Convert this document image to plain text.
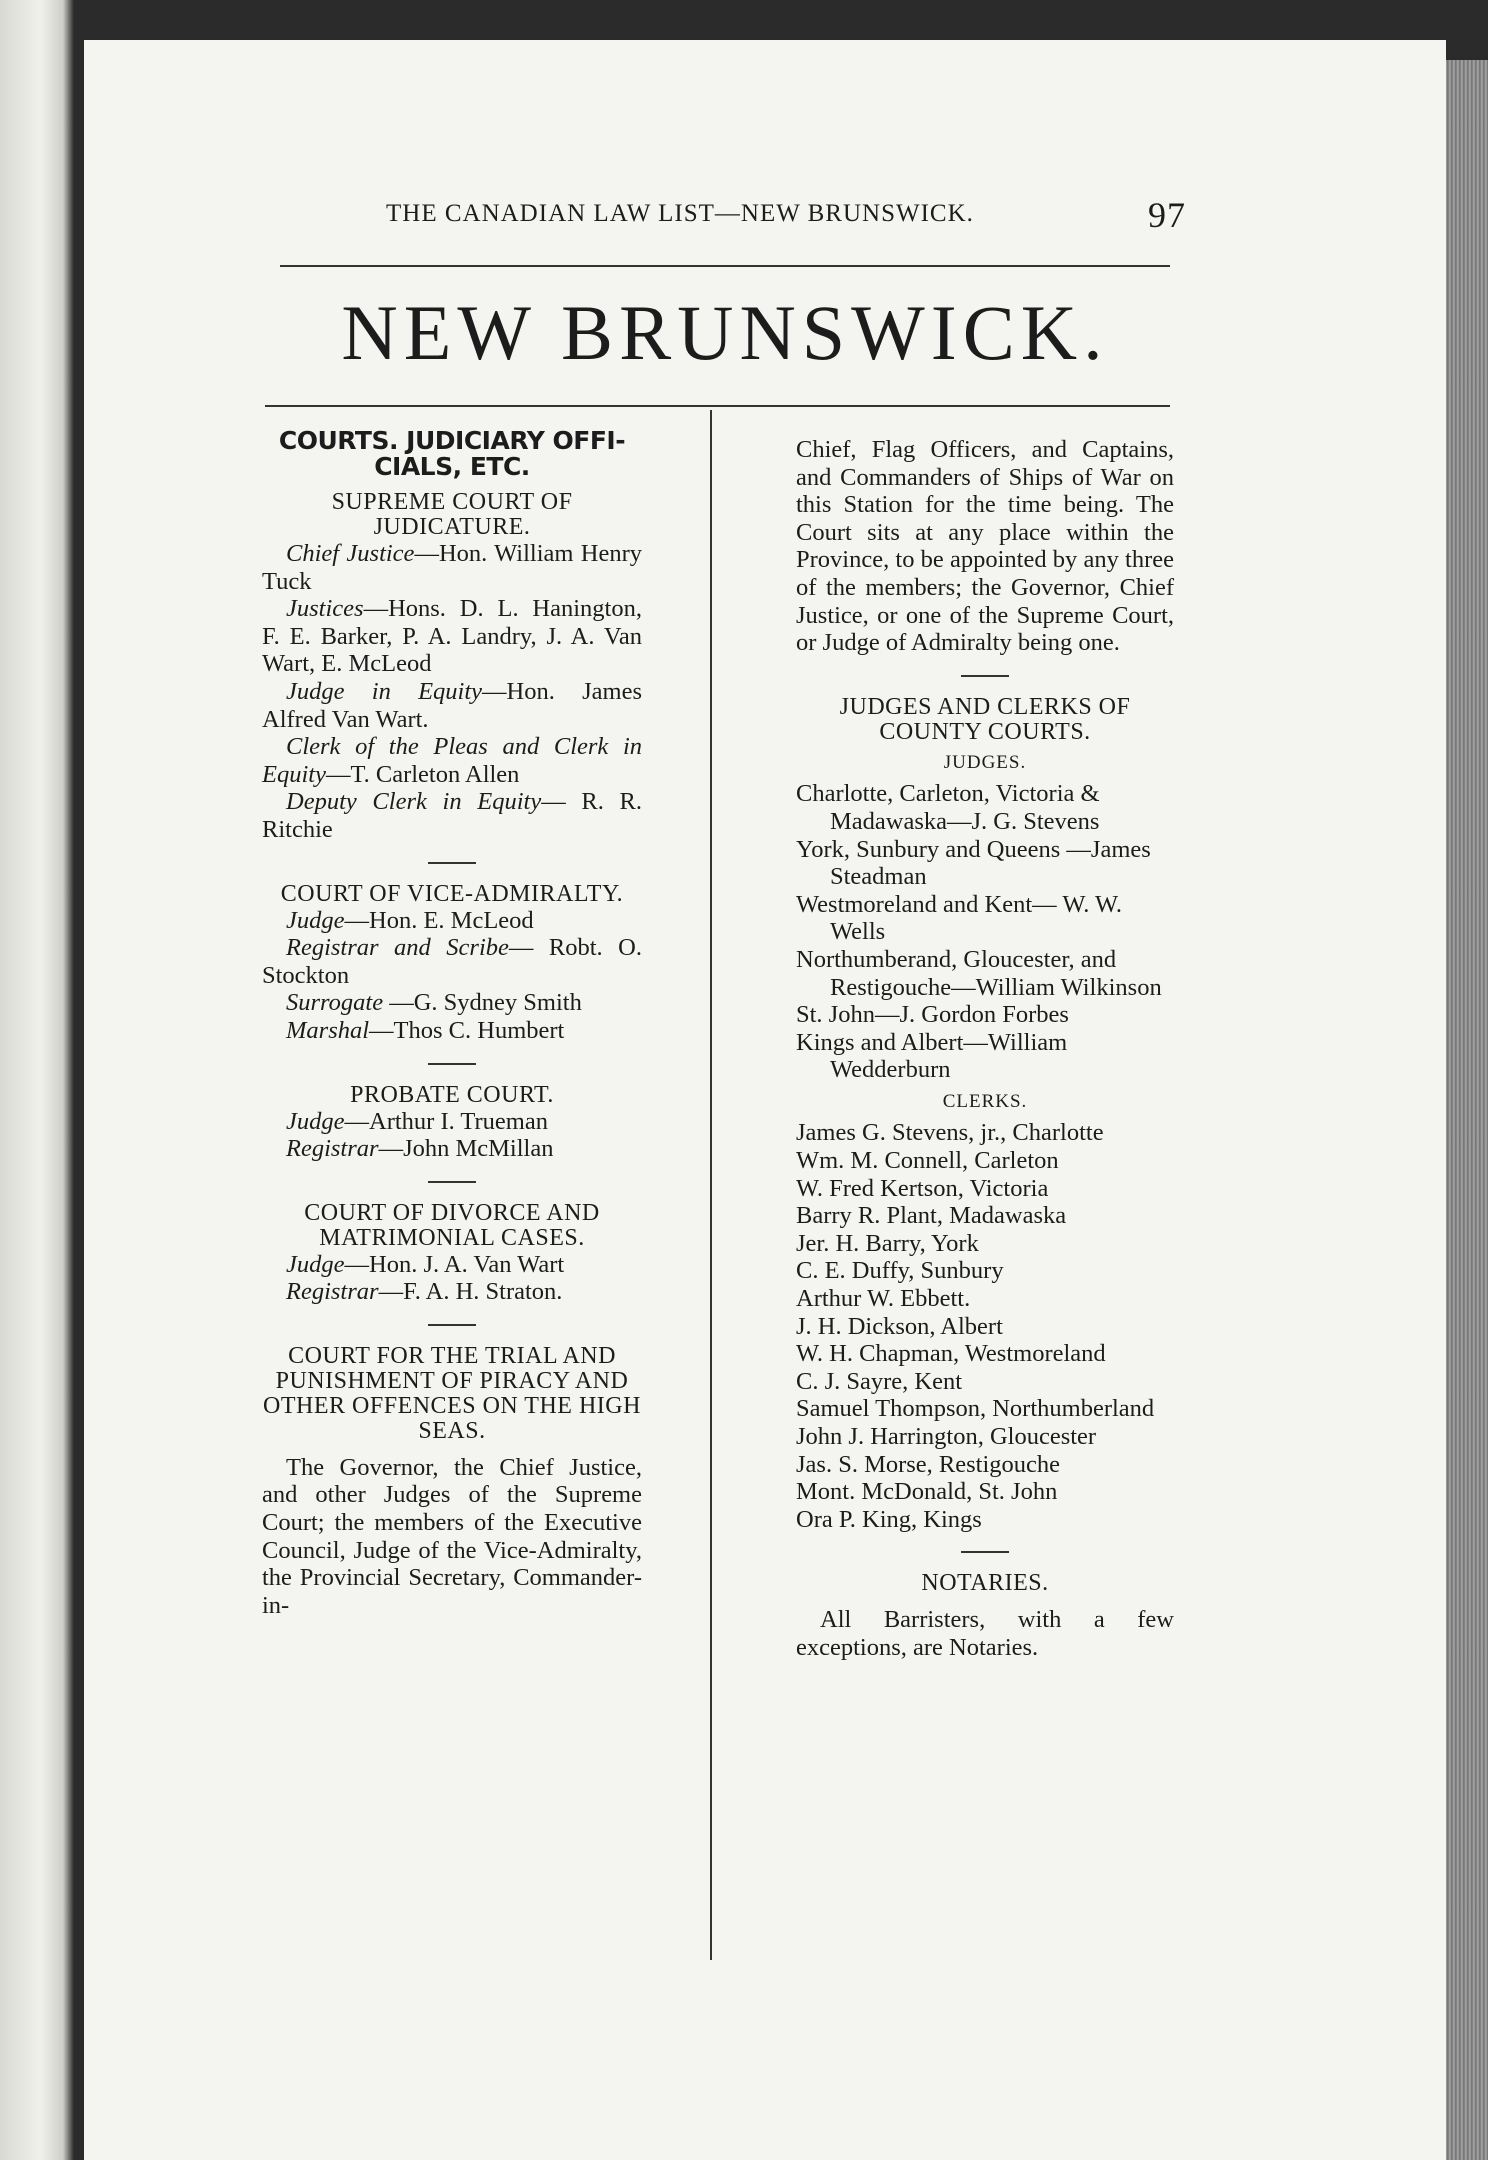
THE CANADIAN LAW LIST—NEW BRUNSWICK.	97
NEW BRUNSWICK.
COURTS. JUDICIARY OFFI-CIALS, ETC.
SUPREME COURT OF JUDICATURE.
Chief Justice—Hon. William Henry Tuck
Justices—Hons. D. L. Hanington, F. E. Barker, P. A. Landry, J. A. Van Wart, E. McLeod
Judge in Equity—Hon. James Alfred Van Wart.
Clerk of the Pleas and Clerk in Equity—T. Carleton Allen
Deputy Clerk in Equity— R. R. Ritchie
COURT OF VICE-ADMIRALTY.
Judge—Hon. E. McLeod
Registrar and Scribe— Robt. O. Stockton
Surrogate —G. Sydney Smith
Marshal—Thos C. Humbert
PROBATE COURT.
Judge—Arthur I. Trueman
Registrar—John McMillan
COURT OF DIVORCE AND MATRIMONIAL CASES.
Judge—Hon. J. A. Van Wart
Registrar—F. A. H. Straton.
COURT FOR THE TRIAL AND PUNISHMENT OF PIRACY AND OTHER OFFENCES ON THE HIGH SEAS.
The Governor, the Chief Justice, and other Judges of the Supreme Court; the members of the Executive Council, Judge of the Vice-Admiralty, the Provincial Secretary, Commander-in-
Chief, Flag Officers, and Captains, and Commanders of Ships of War on this Station for the time being. The Court sits at any place within the Province, to be appointed by any three of the members; the Governor, Chief Justice, or one of the Supreme Court, or Judge of Admiralty being one.
JUDGES AND CLERKS OF COUNTY COURTS.
JUDGES.
Charlotte, Carleton, Victoria & Madawaska—J. G. Stevens
York, Sunbury and Queens —James Steadman
Westmoreland and Kent— W. W. Wells
Northumberand, Gloucester, and Restigouche—William Wilkinson
St. John—J. Gordon Forbes
Kings and Albert—William Wedderburn
CLERKS.
James G. Stevens, jr., Charlotte
Wm. M. Connell, Carleton
W. Fred Kertson, Victoria
Barry R. Plant, Madawaska
Jer. H. Barry, York
C. E. Duffy, Sunbury
Arthur W. Ebbett.
J. H. Dickson, Albert
W. H. Chapman, Westmoreland
C. J. Sayre, Kent
Samuel Thompson, Northumberland
John J. Harrington, Gloucester
Jas. S. Morse, Restigouche
Mont. McDonald, St. John
Ora P. King, Kings
NOTARIES.
All Barristers, with a few exceptions, are Notaries.
